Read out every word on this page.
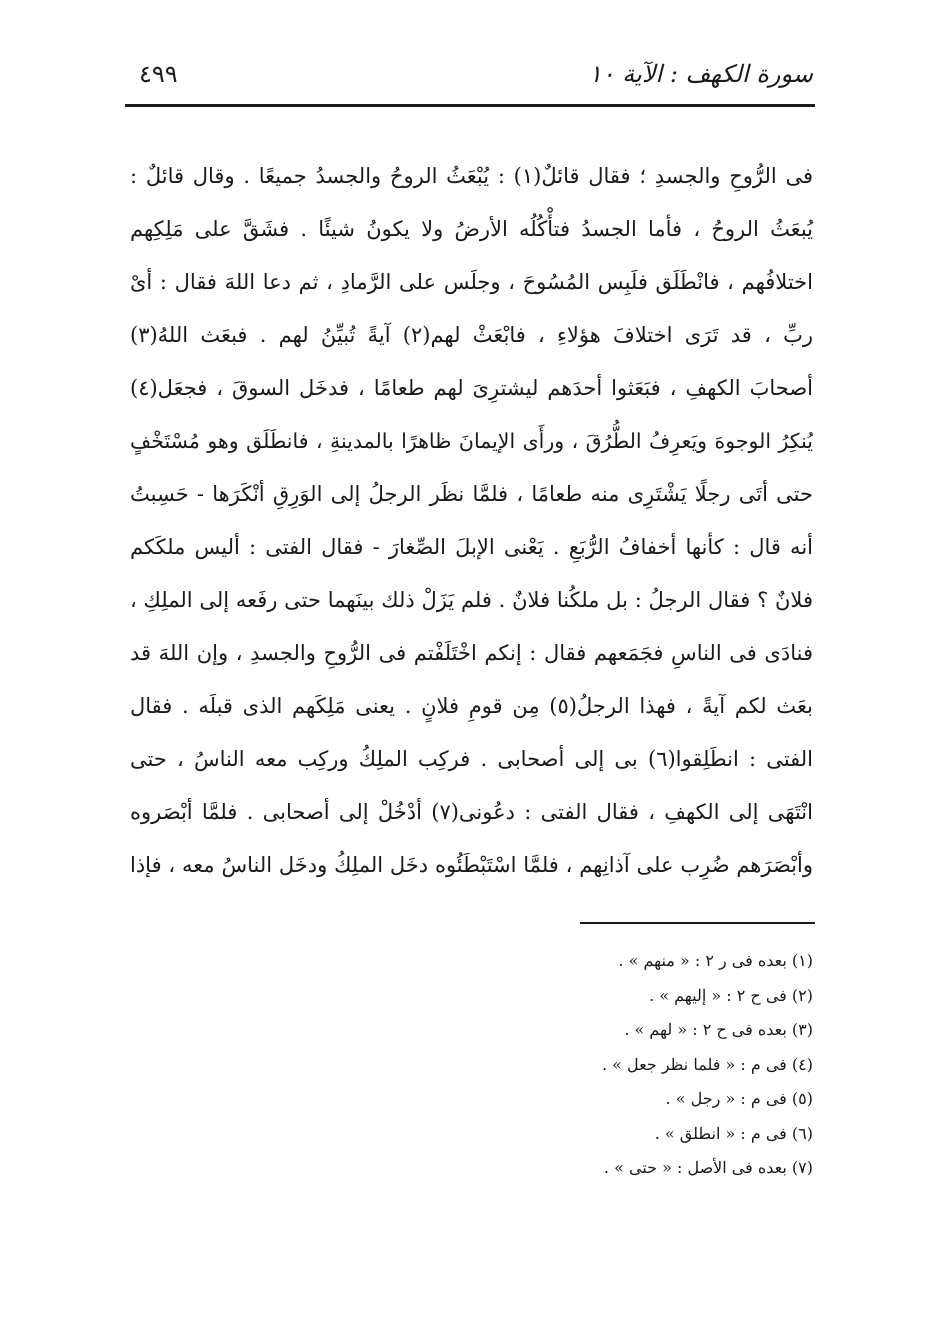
سورة الكهف : الآية ١٠
٤٩٩
فى الرُّوحِ والجسدِ ؛ فقال قائلٌ(١) : يُبْعَثُ الروحُ والجسدُ جميعًا . وقال قائلٌ :
يُبعَثُ الروحُ ، فأما الجسدُ فتأْكُلُه الأرضُ ولا يكونُ شيئًا . فشَقَّ على مَلِكِهم
اختلافُهم ، فانْطَلَق فلَبِس المُسُوحَ ، وجلَس على الرَّمادِ ، ثم دعا اللهَ فقال : أىْ
ربِّ ، قد تَرَى اختلافَ هؤلاءِ ، فابْعَثْ لهم(٢) آيةً تُبيِّنُ لهم . فبعَث اللهُ(٣)
أصحابَ الكهفِ ، فبَعَثوا أحدَهم ليشترِىَ لهم طعامًا ، فدخَل السوقَ ، فجعَل(٤)
يُنكِرُ الوجوهَ ويَعرِفُ الطُّرُقَ ، ورأَى الإيمانَ ظاهرًا بالمدينةِ ، فانطَلَق وهو مُسْتَخْفٍ
حتى أتَى رجلًا يَشْتَرِى منه طعامًا ، فلمَّا نظَر الرجلُ إلى الوَرِقِ أنْكَرَها - حَسِبتُ
أنه قال : كأنها أخفافُ الرُّبَعِ . يَعْنى الإبلَ الصِّغارَ - فقال الفتى : أليس ملكَكم
فلانٌ ؟ فقال الرجلُ : بل ملكُنا فلانٌ . فلم يَزَلْ ذلك بينَهما حتى رفَعه إلى الملِكِ ،
فنادَى فى الناسِ فجَمَعهم فقال : إنكم اخْتَلَفْتم فى الرُّوحِ والجسدِ ، وإن اللهَ قد
بعَث لكم آيةً ، فهذا الرجلُ(٥) مِن قومِ فلانٍ . يعنى مَلِكَهم الذى قبلَه . فقال
الفتى : انطَلِقوا(٦) بى إلى أصحابى . فركِب الملِكُ وركِب معه الناسُ ، حتى
انْتَهَى إلى الكهفِ ، فقال الفتى : دعُونى(٧) أدْخُلْ إلى أصحابى . فلمَّا أبْصَروه
وأبْصَرَهم ضُرِب على آذانِهم ، فلمَّا اسْتَبْطَئُوه دخَل الملِكُ ودخَل الناسُ معه ، فإذا
(١) بعده فى ر ٢ : « منهم » .
(٢) فى ح ٢ : « إليهم » .
(٣) بعده فى ح ٢ : « لهم » .
(٤) فى م : « فلما نظر جعل » .
(٥) فى م : « رجل » .
(٦) فى م : « انطلق » .
(٧) بعده فى الأصل : « حتى » .
